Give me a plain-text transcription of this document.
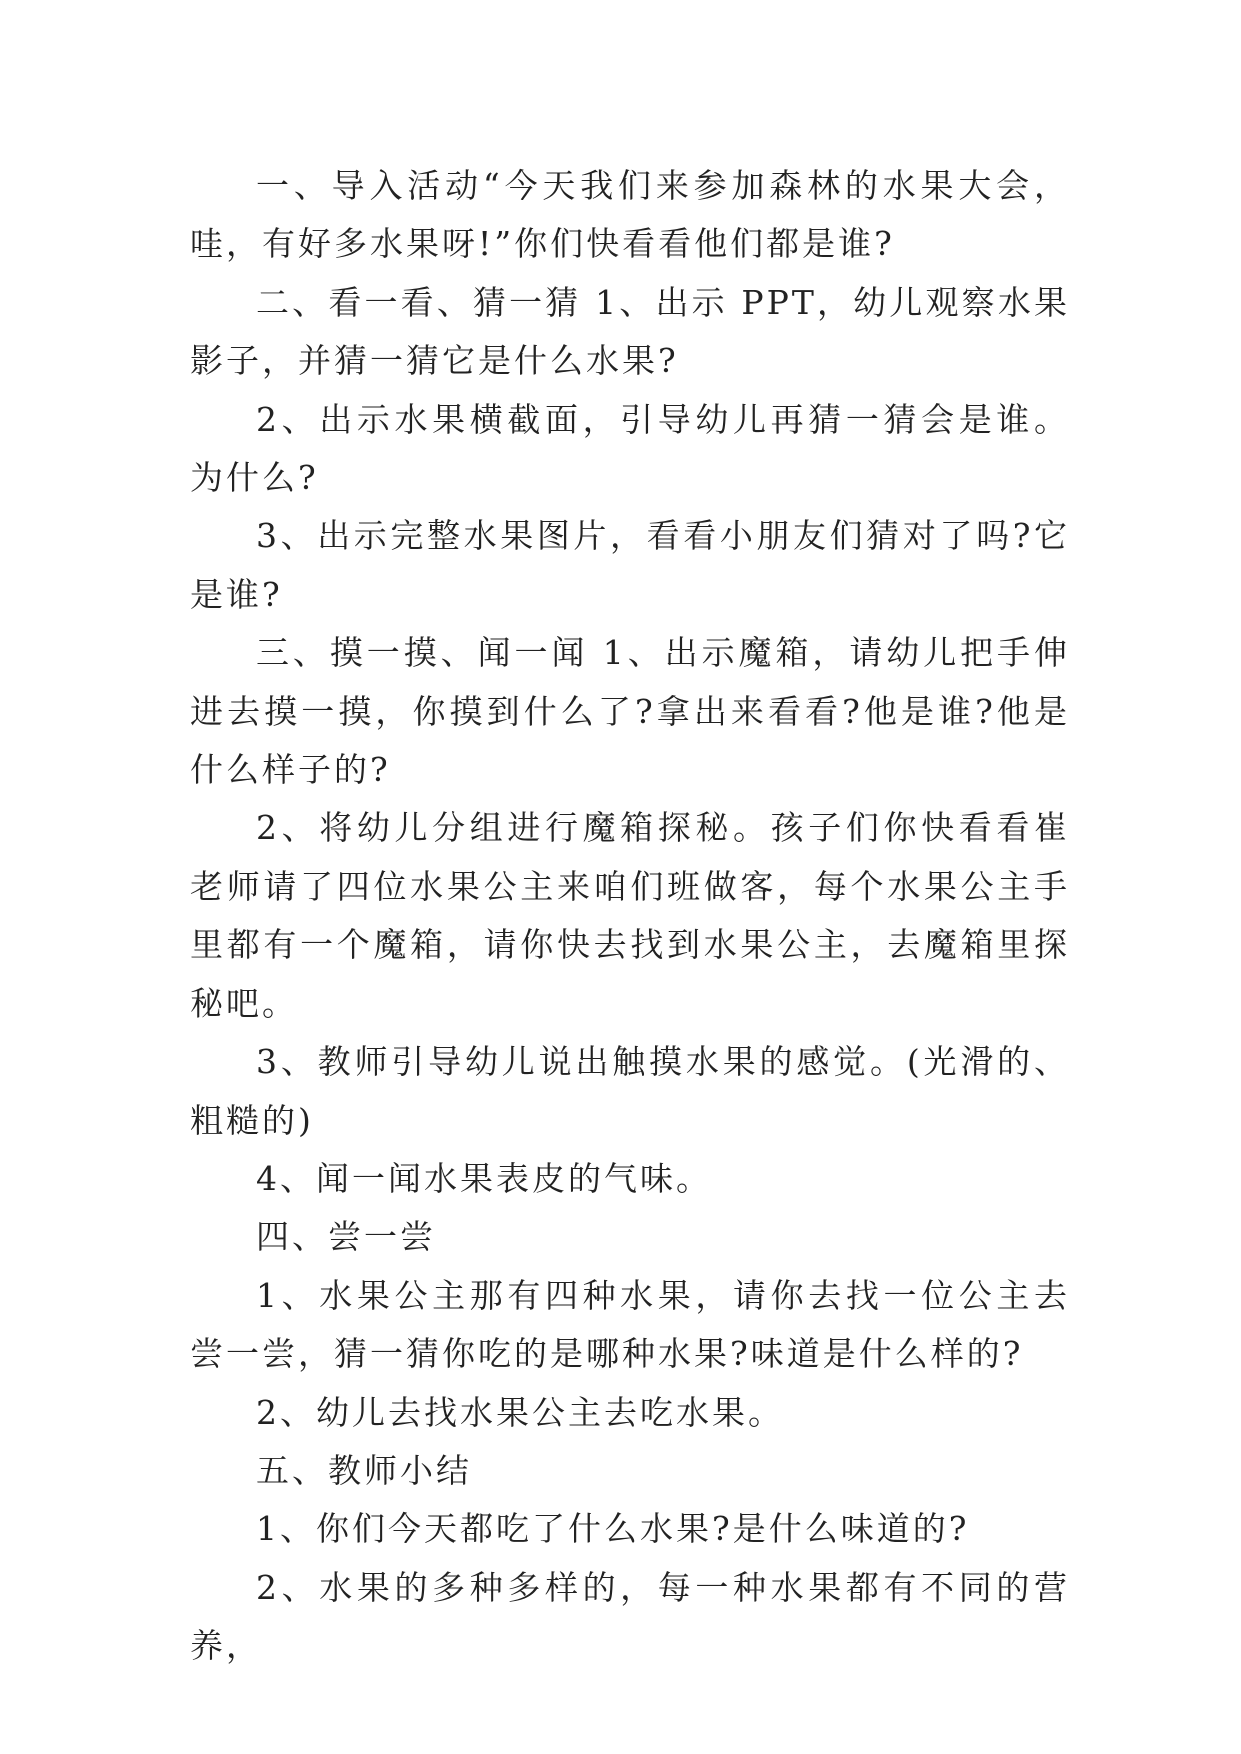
一、导入活动“今天我们来参加森林的水果大会，哇，有好多水果呀!”你们快看看他们都是谁?

二、看一看、猜一猜 1、出示 PPT，幼儿观察水果影子，并猜一猜它是什么水果?

2、出示水果横截面，引导幼儿再猜一猜会是谁。为什么?

3、出示完整水果图片，看看小朋友们猜对了吗?它是谁?

三、摸一摸、闻一闻 1、出示魔箱，请幼儿把手伸进去摸一摸，你摸到什么了?拿出来看看?他是谁?他是什么样子的?

2、将幼儿分组进行魔箱探秘。孩子们你快看看崔老师请了四位水果公主来咱们班做客，每个水果公主手里都有一个魔箱，请你快去找到水果公主，去魔箱里探秘吧。

3、教师引导幼儿说出触摸水果的感觉。(光滑的、粗糙的)

4、闻一闻水果表皮的气味。

四、尝一尝

1、水果公主那有四种水果，请你去找一位公主去尝一尝，猜一猜你吃的是哪种水果?味道是什么样的?

2、幼儿去找水果公主去吃水果。

五、教师小结

1、你们今天都吃了什么水果?是什么味道的?

2、水果的多种多样的，每一种水果都有不同的营养，
